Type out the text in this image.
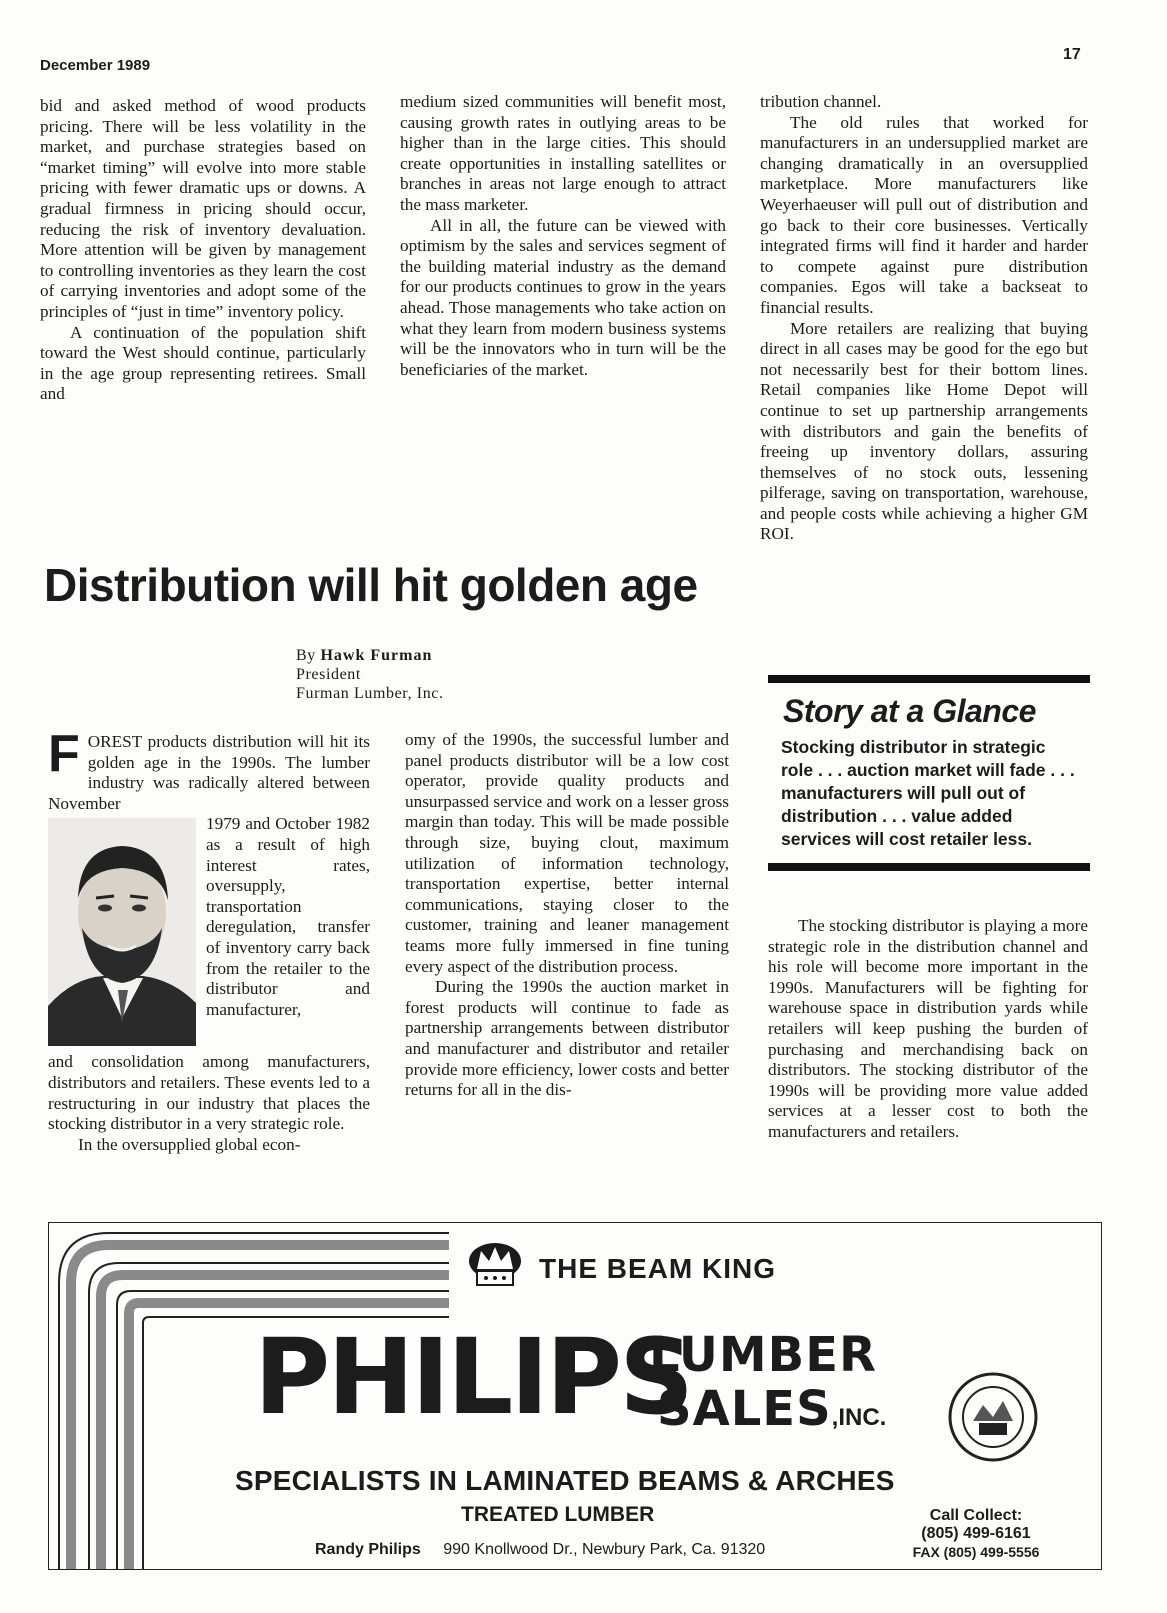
December 1989
17

bid and asked method of wood products pricing. There will be less volatility in the market, and purchase strategies based on “market timing” will evolve into more stable pricing with fewer dramatic ups or downs. A gradual firmness in pricing should occur, reducing the risk of inventory devaluation. More attention will be given by management to controlling inventories as they learn the cost of carrying inventories and adopt some of the principles of “just in time” inventory policy.

A continuation of the population shift toward the West should continue, particularly in the age group representing retirees. Small and

medium sized communities will benefit most, causing growth rates in outlying areas to be higher than in the large cities. This should create opportunities in installing satellites or branches in areas not large enough to attract the mass marketer.

All in all, the future can be viewed with optimism by the sales and services segment of the building material industry as the demand for our products continues to grow in the years ahead. Those managements who take action on what they learn from modern business systems will be the innovators who in turn will be the beneficiaries of the market.

tribution channel.

The old rules that worked for manufacturers in an undersupplied market are changing dramatically in an oversupplied marketplace. More manufacturers like Weyerhaeuser will pull out of distribution and go back to their core businesses. Vertically integrated firms will find it harder and harder to compete against pure distribution companies. Egos will take a backseat to financial results.

More retailers are realizing that buying direct in all cases may be good for the ego but not necessarily best for their bottom lines. Retail companies like Home Depot will continue to set up partnership arrangements with distributors and gain the benefits of freeing up inventory dollars, assuring themselves of no stock outs, lessening pilferage, saving on transportation, warehouse, and people costs while achieving a higher GM ROI.

Distribution will hit golden age
By Hawk Furman
President
Furman Lumber, Inc.

FOREST products distribution will hit its golden age in the 1990s. The lumber industry was radically altered between November

1979 and October 1982 as a result of high interest rates, oversupply, transportation deregulation, transfer of inventory carry back from the retailer to the distributor and manufacturer,

and consolidation among manufacturers, distributors and retailers. These events led to a restructuring in our industry that places the stocking distributor in a very strategic role.

In the oversupplied global econ-

omy of the 1990s, the successful lumber and panel products distributor will be a low cost operator, provide quality products and unsurpassed service and work on a lesser gross margin than today. This will be made possible through size, buying clout, maximum utilization of information technology, transportation expertise, better internal communications, staying closer to the customer, training and leaner management teams more fully immersed in fine tuning every aspect of the distribution process.

During the 1990s the auction market in forest products will continue to fade as partnership arrangements between distributor and manufacturer and distributor and retailer provide more efficiency, lower costs and better returns for all in the dis-

Story at a Glance
Stocking distributor in strategic role . . . auction market will fade . . . manufacturers will pull out of distribution . . . value added services will cost retailer less.

The stocking distributor is playing a more strategic role in the distribution channel and his role will become more important in the 1990s. Manufacturers will be fighting for warehouse space in distribution yards while retailers will keep pushing the burden of purchasing and merchandising back on distributors. The stocking distributor of the 1990s will be providing more value added services at a lesser cost to both the manufacturers and retailers.

THE BEAM KING
PHILIPS
LUMBER
SALES,INC.
SPECIALISTS IN LAMINATED BEAMS & ARCHES
TREATED LUMBER
Randy Philips 990 Knollwood Dr., Newbury Park, Ca. 91320
Call Collect:
(805) 499-6161
FAX (805) 499-5556
